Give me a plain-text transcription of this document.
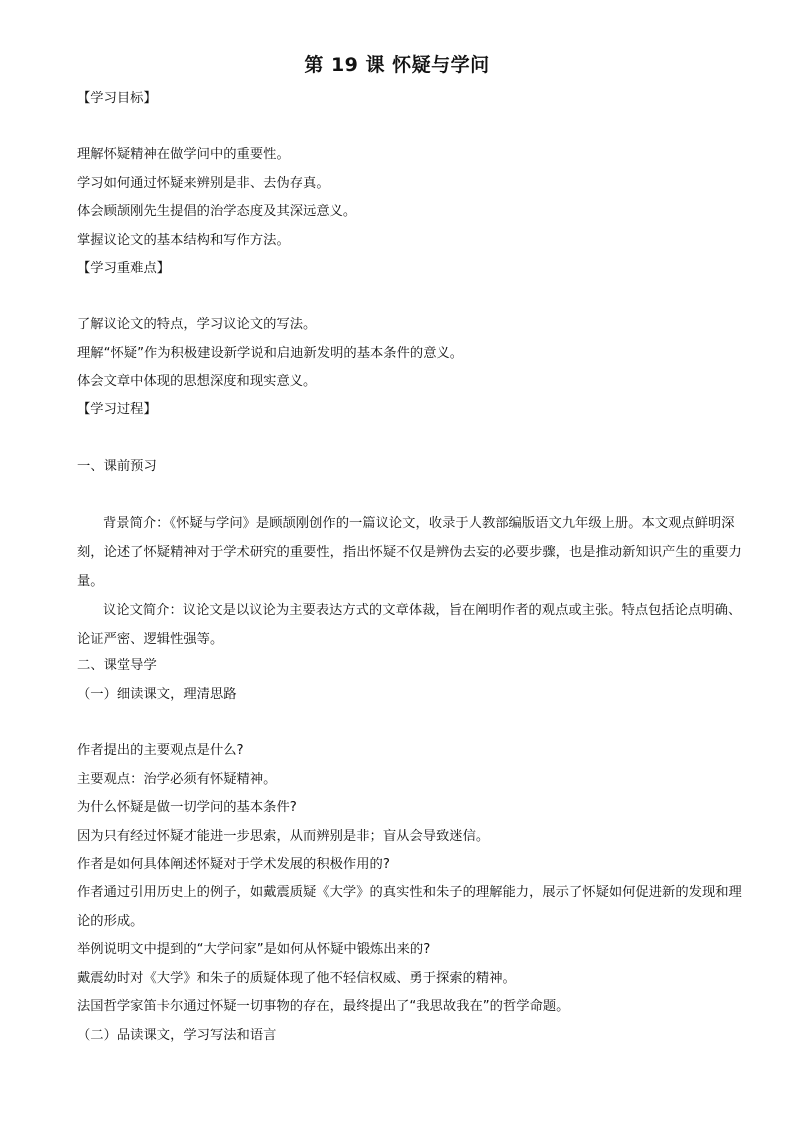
第 19 课 怀疑与学问
【学习目标】
理解怀疑精神在做学问中的重要性。
学习如何通过怀疑来辨别是非、去伪存真。
体会顾颉刚先生提倡的治学态度及其深远意义。
掌握议论文的基本结构和写作方法。
【学习重难点】
了解议论文的特点，学习议论文的写法。
理解“怀疑”作为积极建设新学说和启迪新发明的基本条件的意义。
体会文章中体现的思想深度和现实意义。
【学习过程】
一、课前预习
背景简介：《怀疑与学问》是顾颉刚创作的一篇议论文，收录于人教部编版语文九年级上册。本文观点鲜明深刻，论述了怀疑精神对于学术研究的重要性，指出怀疑不仅是辨伪去妄的必要步骤，也是推动新知识产生的重要力量。
议论文简介：议论文是以议论为主要表达方式的文章体裁，旨在阐明作者的观点或主张。特点包括论点明确、论证严密、逻辑性强等。
二、课堂导学
（一）细读课文，理清思路
作者提出的主要观点是什么?
主要观点：治学必须有怀疑精神。
为什么怀疑是做一切学问的基本条件?
因为只有经过怀疑才能进一步思索，从而辨别是非；盲从会导致迷信。
作者是如何具体阐述怀疑对于学术发展的积极作用的?
作者通过引用历史上的例子，如戴震质疑《大学》的真实性和朱子的理解能力，展示了怀疑如何促进新的发现和理论的形成。
举例说明文中提到的“大学问家”是如何从怀疑中锻炼出来的?
戴震幼时对《大学》和朱子的质疑体现了他不轻信权威、勇于探索的精神。
法国哲学家笛卡尔通过怀疑一切事物的存在，最终提出了“我思故我在”的哲学命题。
（二）品读课文，学习写法和语言
